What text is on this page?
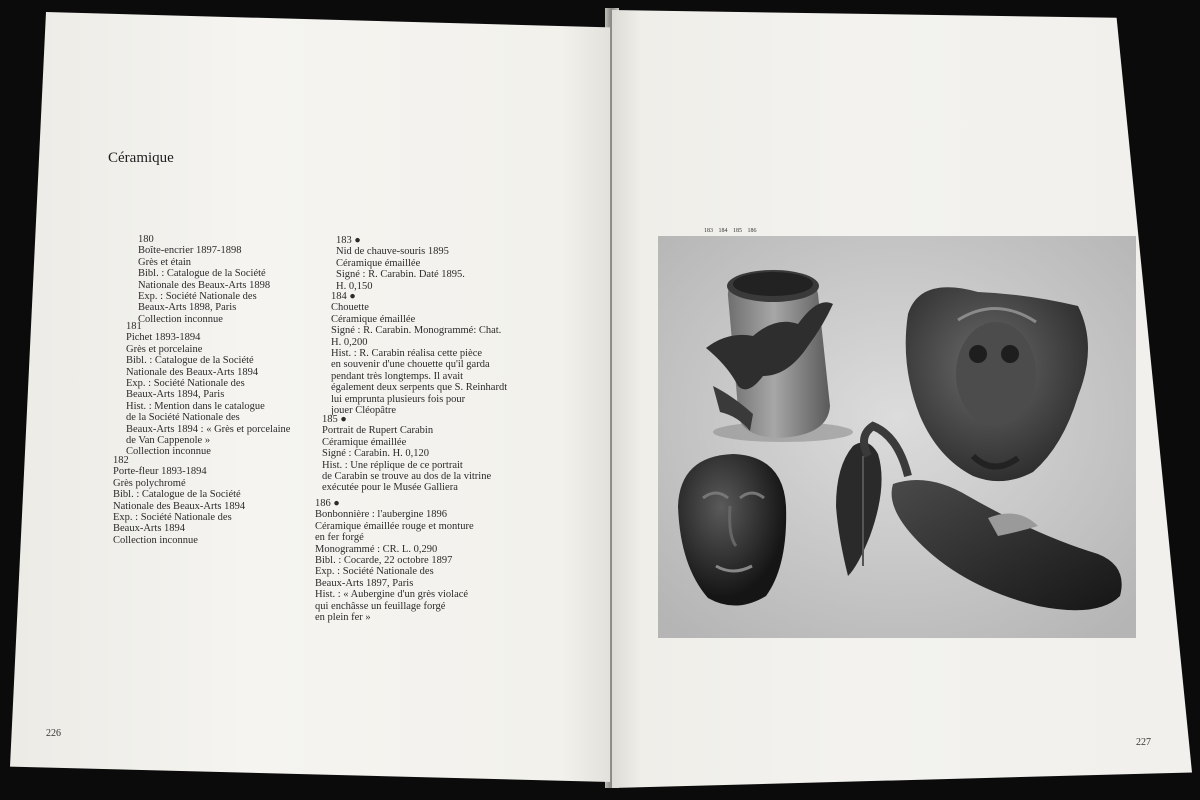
Céramique
180
Boîte-encrier 1897-1898
Grès et étain
Bibl. : Catalogue de la Société
Nationale des Beaux-Arts 1898
Exp. : Société Nationale des
Beaux-Arts 1898, Paris
Collection inconnue
181
Pichet 1893-1894
Grès et porcelaine
Bibl. : Catalogue de la Société
Nationale des Beaux-Arts 1894
Exp. : Société Nationale des
Beaux-Arts 1894, Paris
Hist. : Mention dans le catalogue
de la Société Nationale des
Beaux-Arts 1894 : « Grès et porcelaine
de Van Cappenole »
Collection inconnue
182
Porte-fleur 1893-1894
Grès polychromé
Bibl. : Catalogue de la Société
Nationale des Beaux-Arts 1894
Exp. : Société Nationale des
Beaux-Arts 1894
Collection inconnue
183 ●
Nid de chauve-souris 1895
Céramique émaillée
Signé : R. Carabin. Daté 1895.
H. 0,150
184 ●
Chouette
Céramique émaillée
Signé : R. Carabin. Monogrammé: Chat.
H. 0,200
Hist. : R. Carabin réalisa cette pièce
en souvenir d'une chouette qu'il garda
pendant très longtemps. Il avait
également deux serpents que S. Reinhardt
lui emprunta plusieurs fois pour
jouer Cléopâtre
185 ●
Portrait de Rupert Carabin
Céramique émaillée
Signé : Carabin. H. 0,120
Hist. : Une réplique de ce portrait
de Carabin se trouve au dos de la vitrine
exécutée pour le Musée Galliera
186 ●
Bonbonnière : l'aubergine 1896
Céramique émaillée rouge et monture
en fer forgé
Monogrammé : CR. L. 0,290
Bibl. : Cocarde, 22 octobre 1897
Exp. : Société Nationale des
Beaux-Arts 1897, Paris
Hist. : « Aubergine d'un grès violacé
qui enchâsse un feuillage forgé
en plein fer »
226
227
183 184 185 186
